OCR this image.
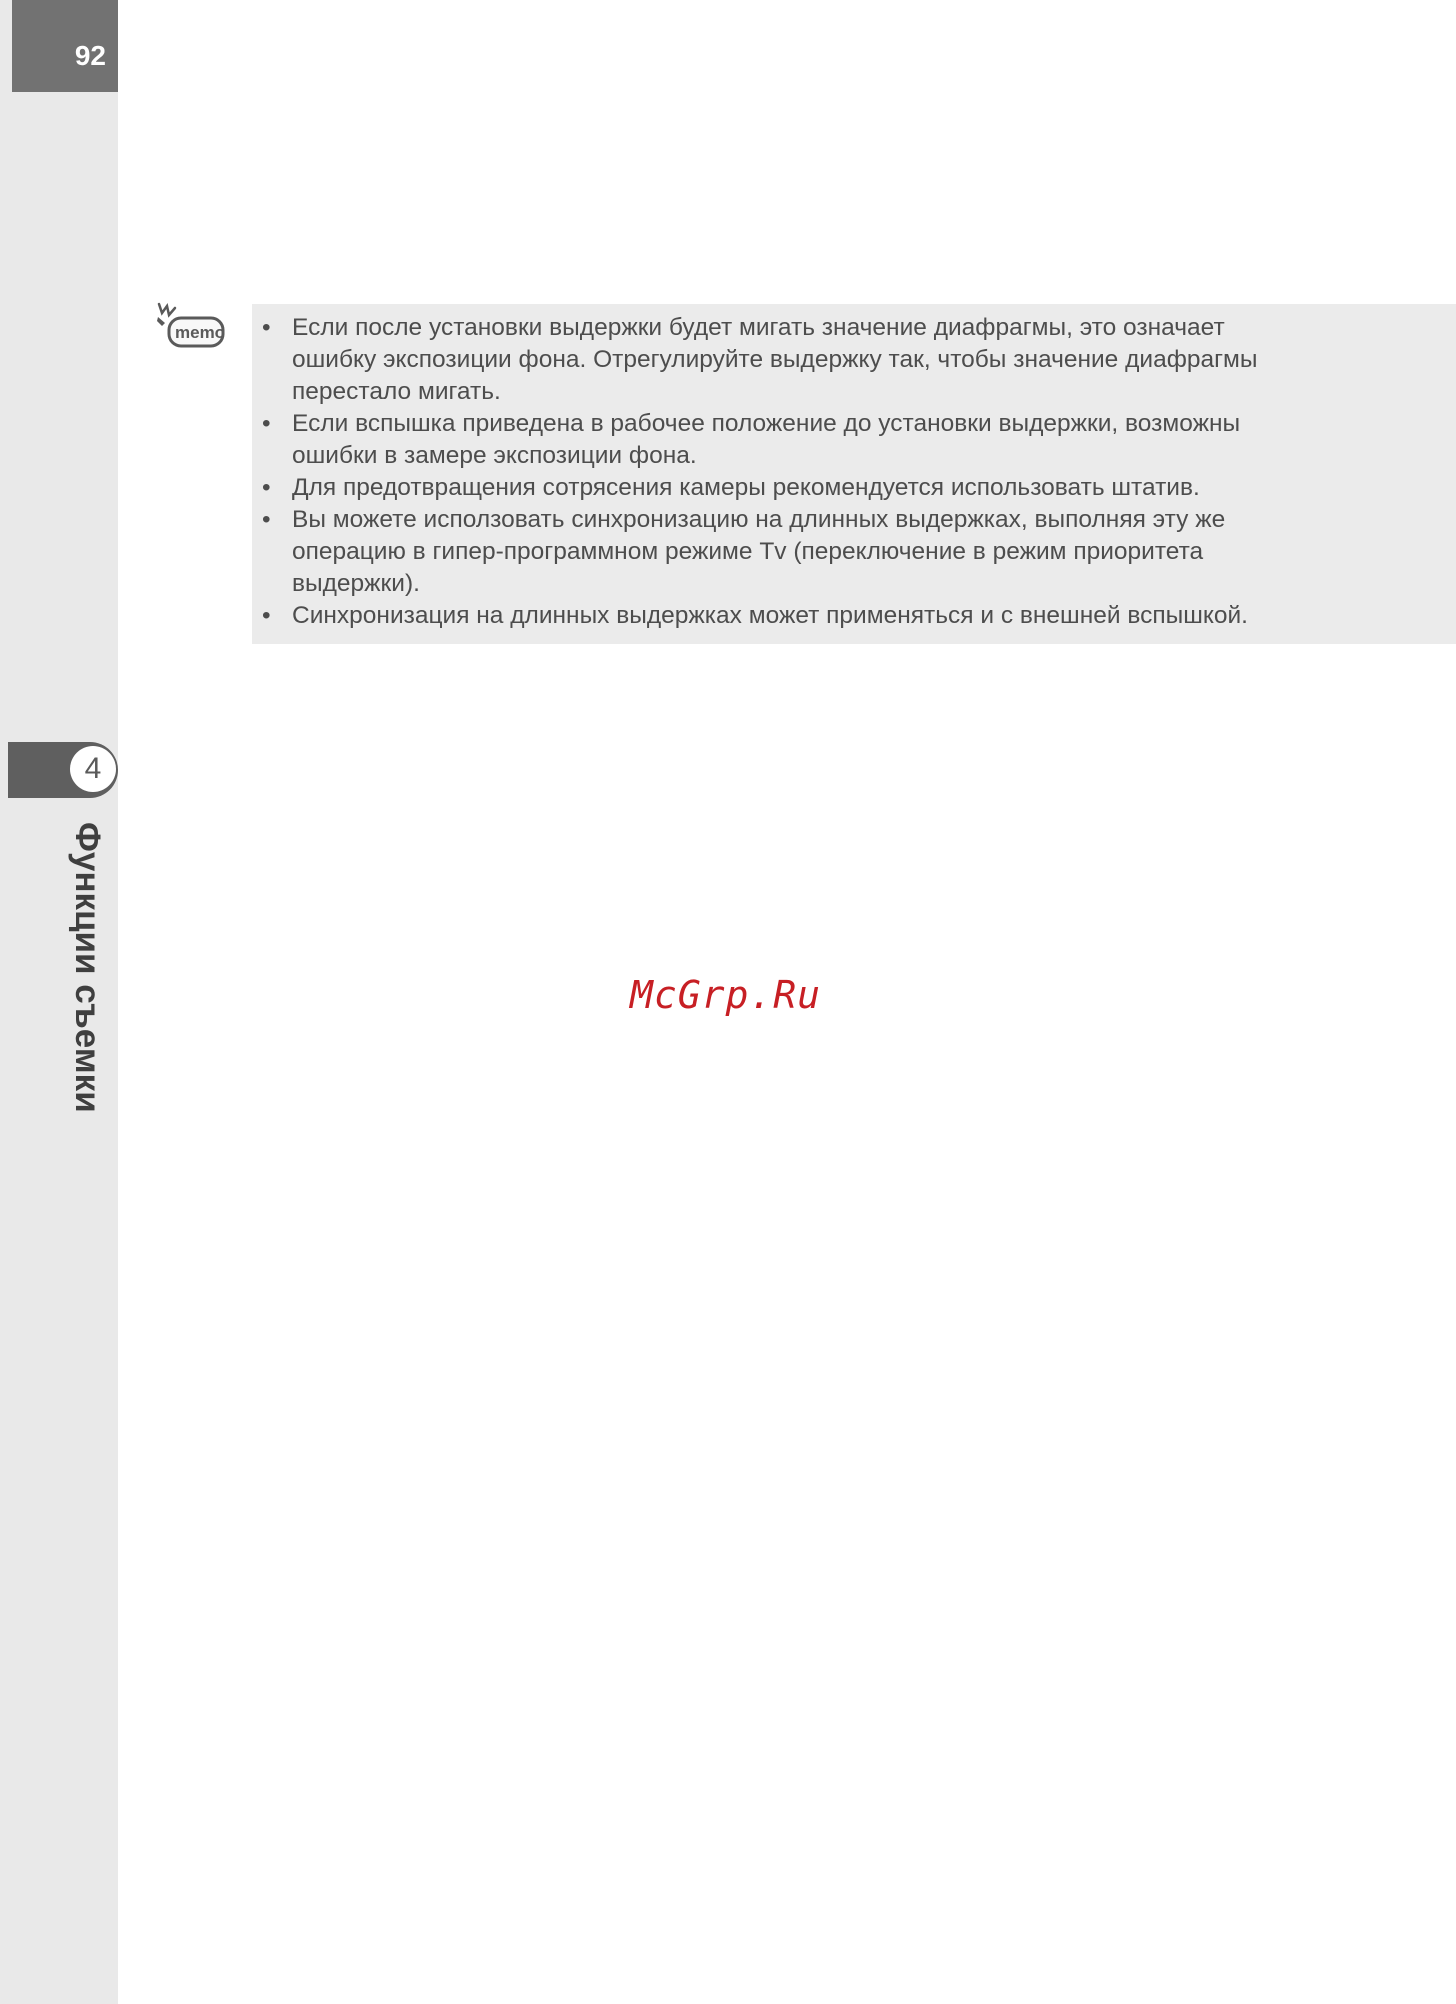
92
4
Функции съемки
memo
•	Если после установки выдержки будет мигать значение диафрагмы, это означает
ошибку экспозиции фона. Отрегулируйте выдержку так, чтобы значение диафрагмы
перестало мигать.
• Если вспышка приведена в рабочее положение до установки выдержки, возможны
ошибки в замере экспозиции фона.
• Для предотвращения сотрясения камеры рекомендуется использовать штатив.
• Вы можете исползовать синхронизацию на длинных выдержках, выполняя эту же
операцию в гипер-программном режиме Tv (переключение в режим приоритета
выдержки).
• Синхронизация на длинных выдержках может применяться и с внешней вспышкой.
McGrp.Ru
